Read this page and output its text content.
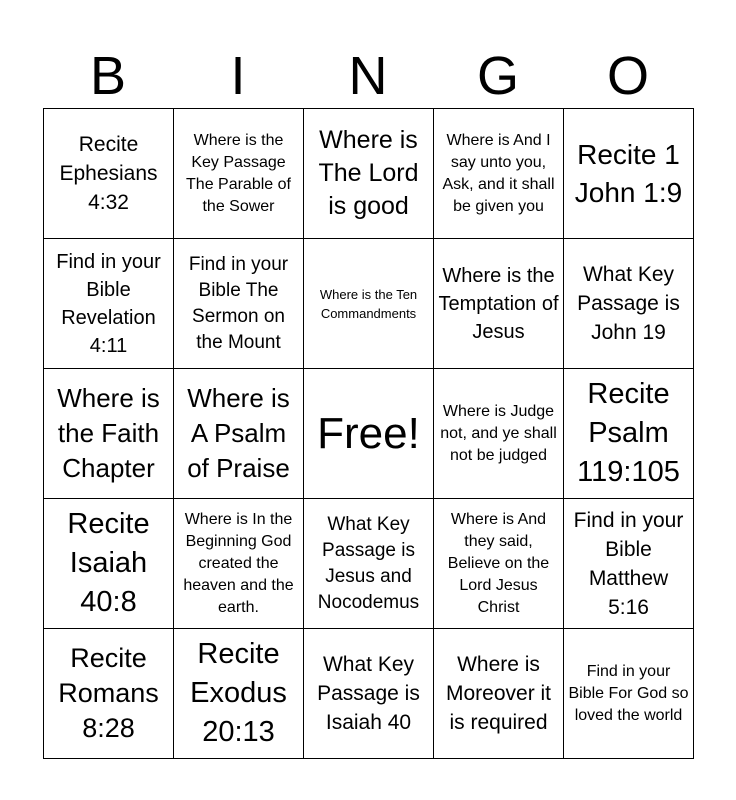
B	I	N	G	O
Recite Ephesians 4:32	Where is the Key Passage The Parable of the Sower	Where is The Lord is good	Where is And I say unto you, Ask, and it shall be given you	Recite 1 John 1:9

Find in your Bible Revelation 4:11	Find in your Bible The Sermon on the Mount	Where is the Ten Commandments	Where is the Temptation of Jesus	What Key Passage is John 19

Where is the Faith Chapter	Where is A Psalm of Praise	Free!	Where is Judge not, and ye shall not be judged	Recite Psalm 119:105

Recite Isaiah 40:8	Where is In the Beginning God created the heaven and the earth.	What Key Passage is Jesus and Nocodemus	Where is And they said, Believe on the Lord Jesus Christ	Find in your Bible Matthew 5:16

Recite Romans 8:28	Recite Exodus 20:13	What Key Passage is Isaiah 40	Where is Moreover it is required	Find in your Bible For God so loved the world
